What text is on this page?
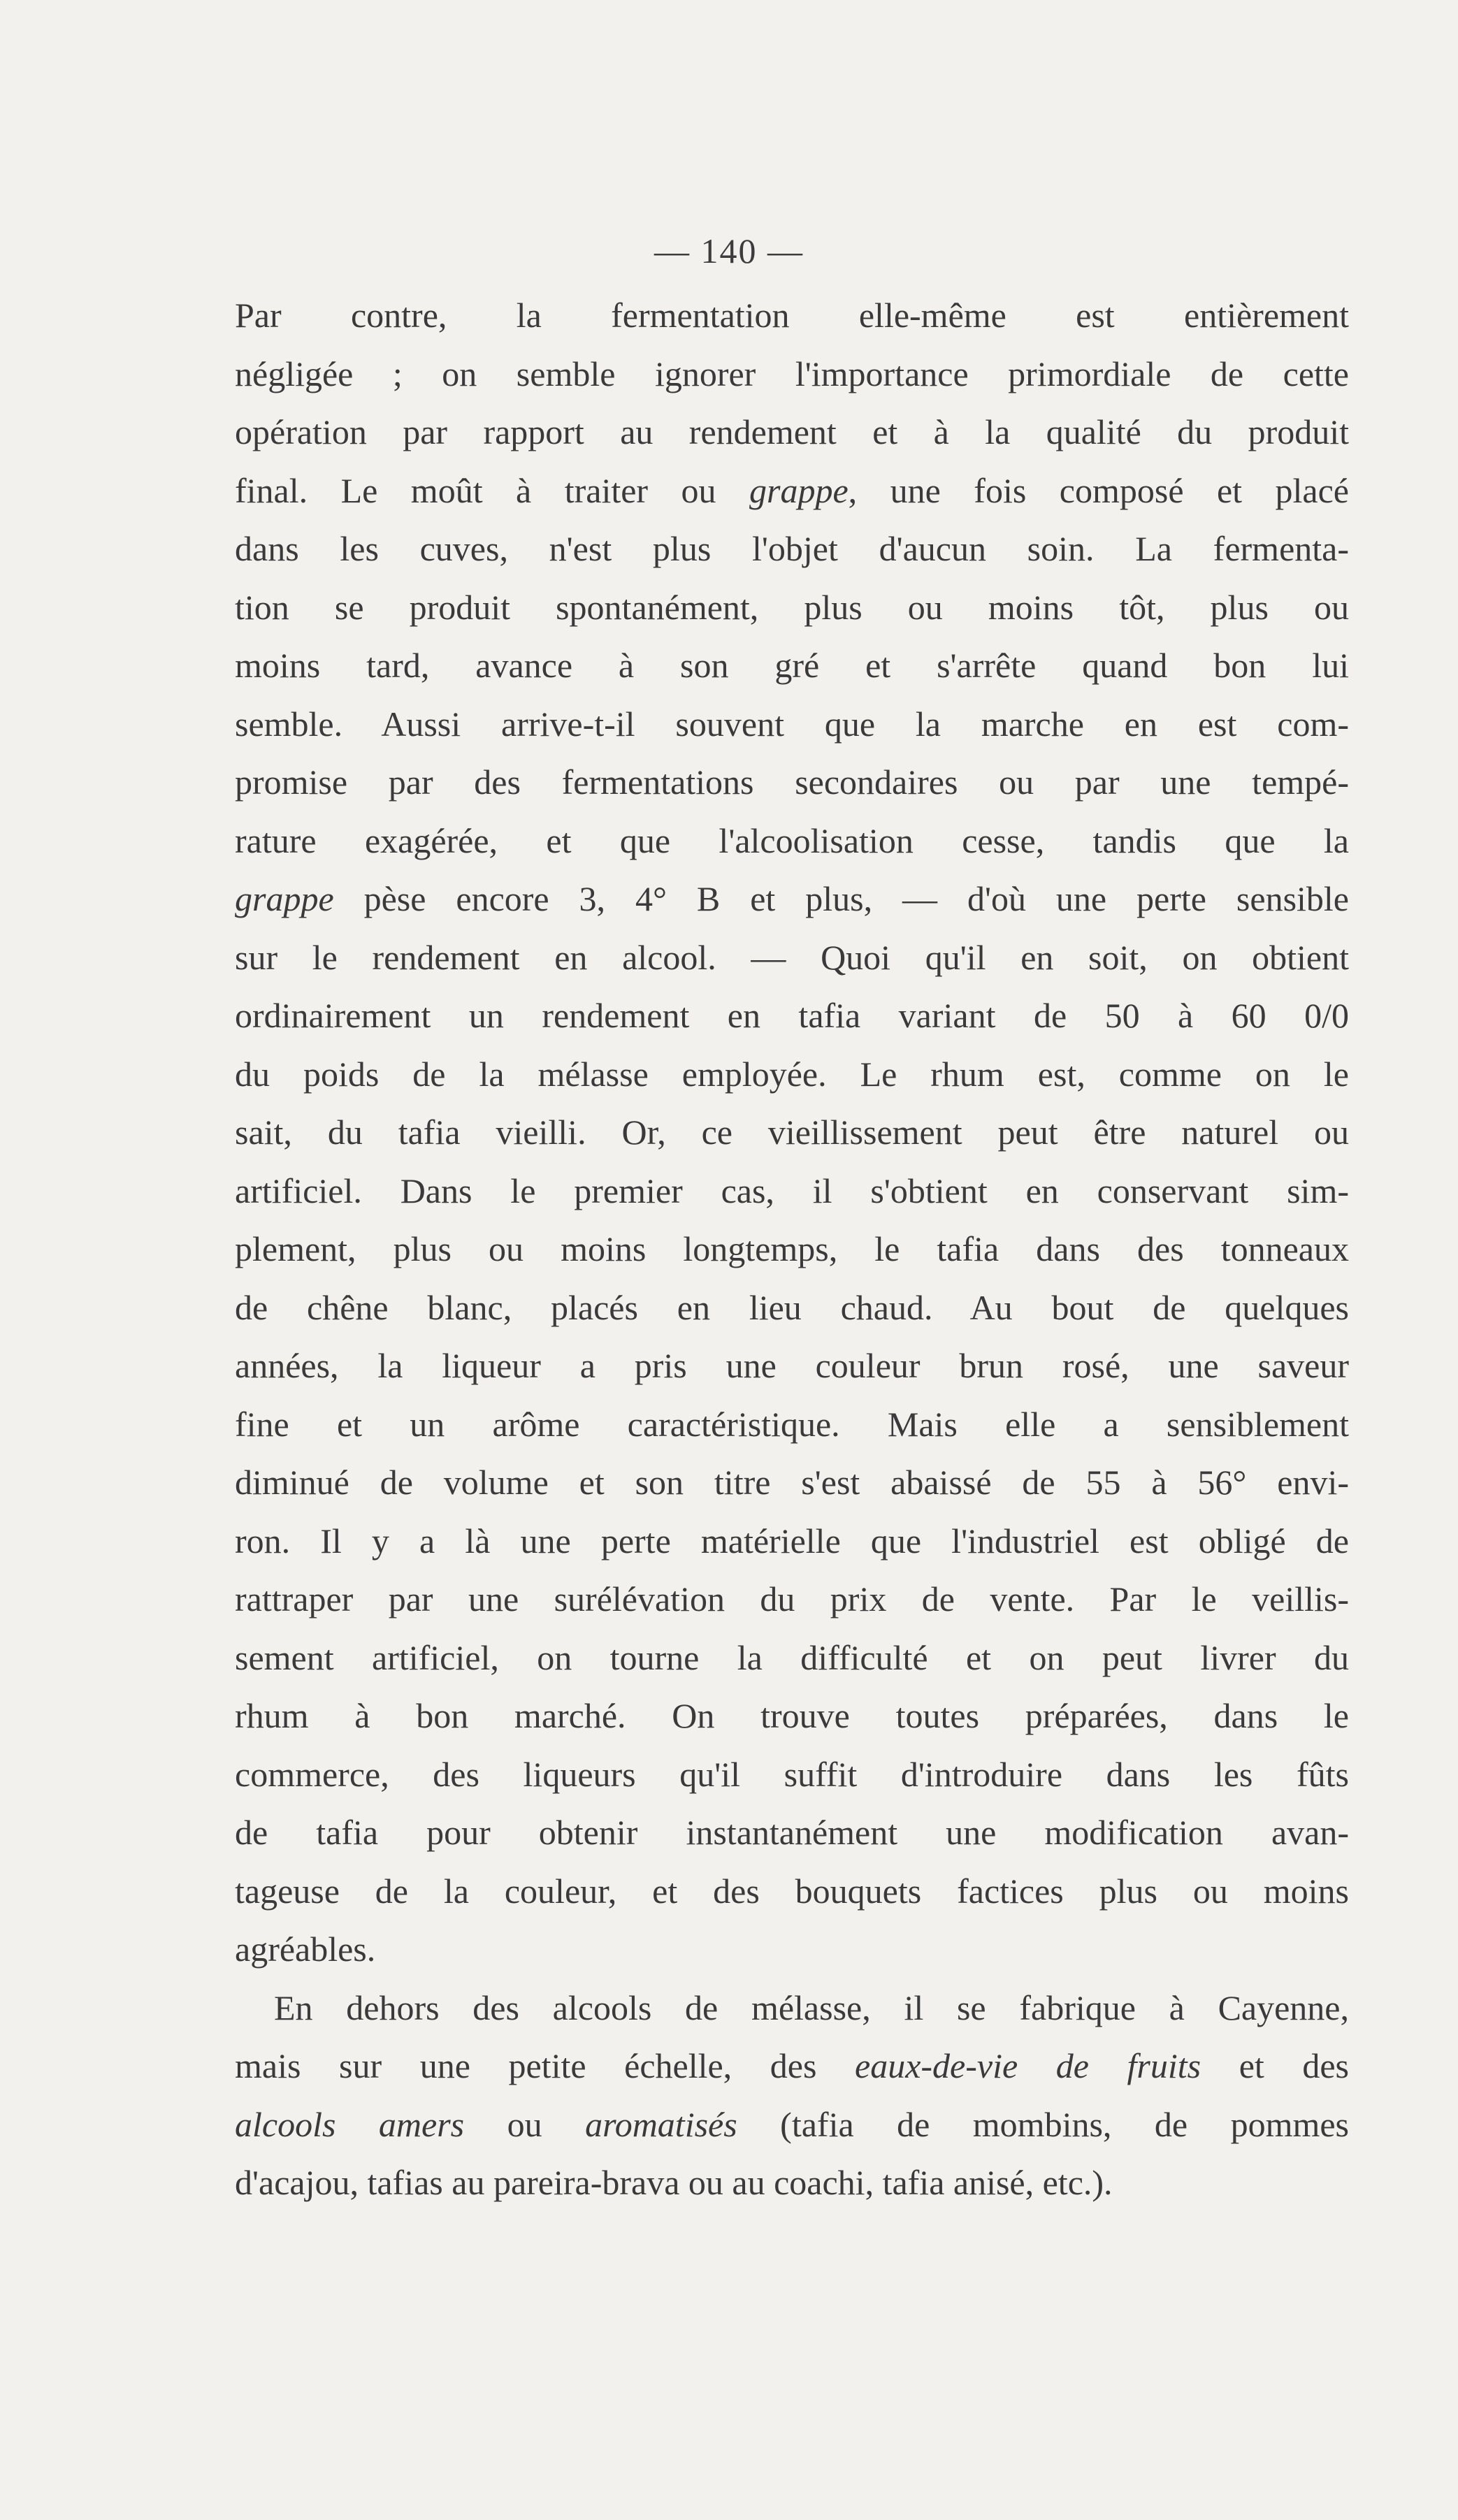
— 140 —
Par contre, la fermentation elle-même est entièrement
négligée ; on semble ignorer l'importance primordiale de cette
opération par rapport au rendement et à la qualité du produit
final. Le moût à traiter ou grappe, une fois composé et placé
dans les cuves, n'est plus l'objet d'aucun soin. La fermenta-
tion se produit spontanément, plus ou moins tôt, plus ou
moins tard, avance à son gré et s'arrête quand bon lui
semble. Aussi arrive-t-il souvent que la marche en est com-
promise par des fermentations secondaires ou par une tempé-
rature exagérée, et que l'alcoolisation cesse, tandis que la
grappe pèse encore 3, 4° B et plus, — d'où une perte sensible
sur le rendement en alcool. — Quoi qu'il en soit, on obtient
ordinairement un rendement en tafia variant de 50 à 60 0/0
du poids de la mélasse employée. Le rhum est, comme on le
sait, du tafia vieilli. Or, ce vieillissement peut être naturel ou
artificiel. Dans le premier cas, il s'obtient en conservant sim-
plement, plus ou moins longtemps, le tafia dans des tonneaux
de chêne blanc, placés en lieu chaud. Au bout de quelques
années, la liqueur a pris une couleur brun rosé, une saveur
fine et un arôme caractéristique. Mais elle a sensiblement
diminué de volume et son titre s'est abaissé de 55 à 56° envi-
ron. Il y a là une perte matérielle que l'industriel est obligé de
rattraper par une surélévation du prix de vente. Par le veillis-
sement artificiel, on tourne la difficulté et on peut livrer du
rhum à bon marché. On trouve toutes préparées, dans le
commerce, des liqueurs qu'il suffit d'introduire dans les fûts
de tafia pour obtenir instantanément une modification avan-
tageuse de la couleur, et des bouquets factices plus ou moins
agréables.
En dehors des alcools de mélasse, il se fabrique à Cayenne,
mais sur une petite échelle, des eaux-de-vie de fruits et des
alcools amers ou aromatisés (tafia de mombins, de pommes
d'acajou, tafias au pareira-brava ou au coachi, tafia anisé, etc.).
